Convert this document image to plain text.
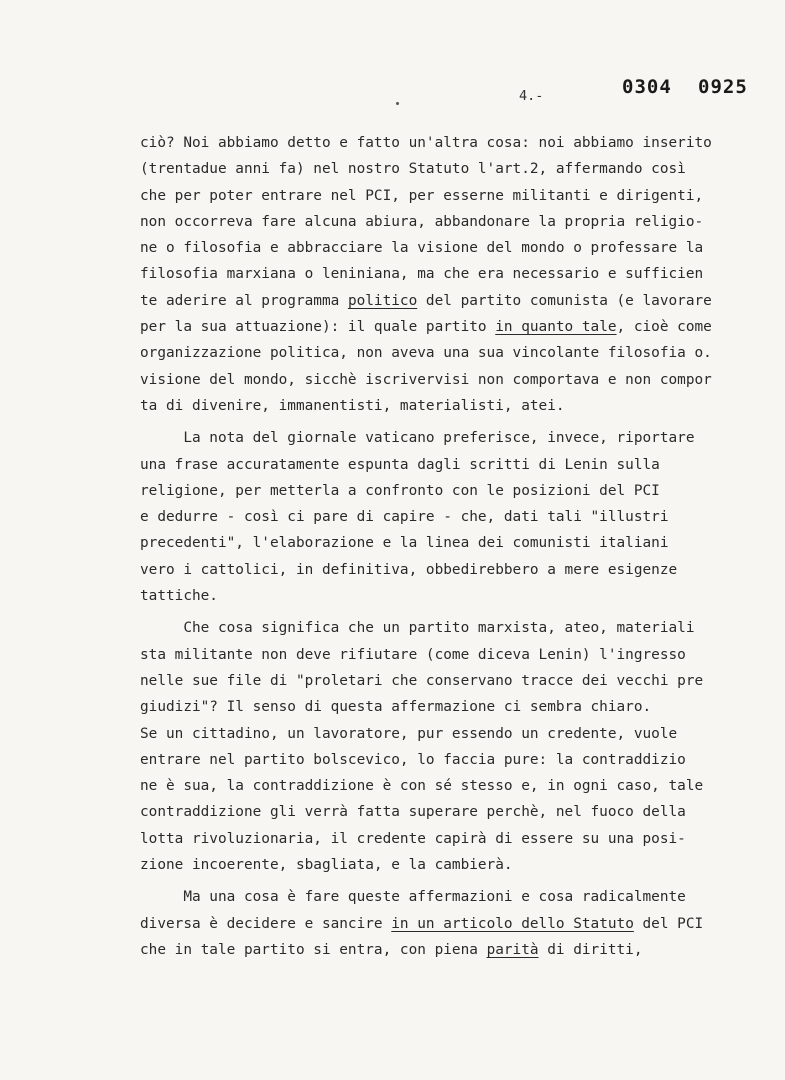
0304 0925
4.-
ciò? Noi abbiamo detto e fatto un'altra cosa: noi abbiamo inserito
(trentadue anni fa) nel nostro Statuto l'art.2, affermando così
che per poter entrare nel PCI, per esserne militanti e dirigenti,
non occorreva fare alcuna abiura, abbandonare la propria religio-
ne o filosofia e abbracciare la visione del mondo o professare la
filosofia marxiana o leniniana, ma che era necessario e sufficien
te aderire al programma politico del partito comunista (e lavorare
per la sua attuazione): il quale partito in quanto tale, cioè come
organizzazione politica, non aveva una sua vincolante filosofia o.
visione del mondo, sicchè iscrivervisi non comportava e non compor
ta di divenire, immanentisti, materialisti, atei.
La nota del giornale vaticano preferisce, invece, riportare
una frase accuratamente espunta dagli scritti di Lenin sulla
religione, per metterla a confronto con le posizioni del PCI
e dedurre - così ci pare di capire - che, dati tali "illustri
precedenti", l'elaborazione e la linea dei comunisti italiani
vero i cattolici, in definitiva, obbedirebbero a mere esigenze
tattiche.
Che cosa significa che un partito marxista, ateo, materiali
sta militante non deve rifiutare (come diceva Lenin) l'ingresso
nelle sue file di "proletari che conservano tracce dei vecchi pre
giudizi"? Il senso di questa affermazione ci sembra chiaro.
Se un cittadino, un lavoratore, pur essendo un credente, vuole
entrare nel partito bolscevico, lo faccia pure: la contraddizio
ne è sua, la contraddizione è con sé stesso e, in ogni caso, tale
contraddizione gli verrà fatta superare perchè, nel fuoco della
lotta rivoluzionaria, il credente capirà di essere su una posi-
zione incoerente, sbagliata, e la cambierà.
Ma una cosa è fare queste affermazioni e cosa radicalmente
diversa è decidere e sancire in un articolo dello Statuto del PCI
che in tale partito si entra, con piena parità di diritti,
